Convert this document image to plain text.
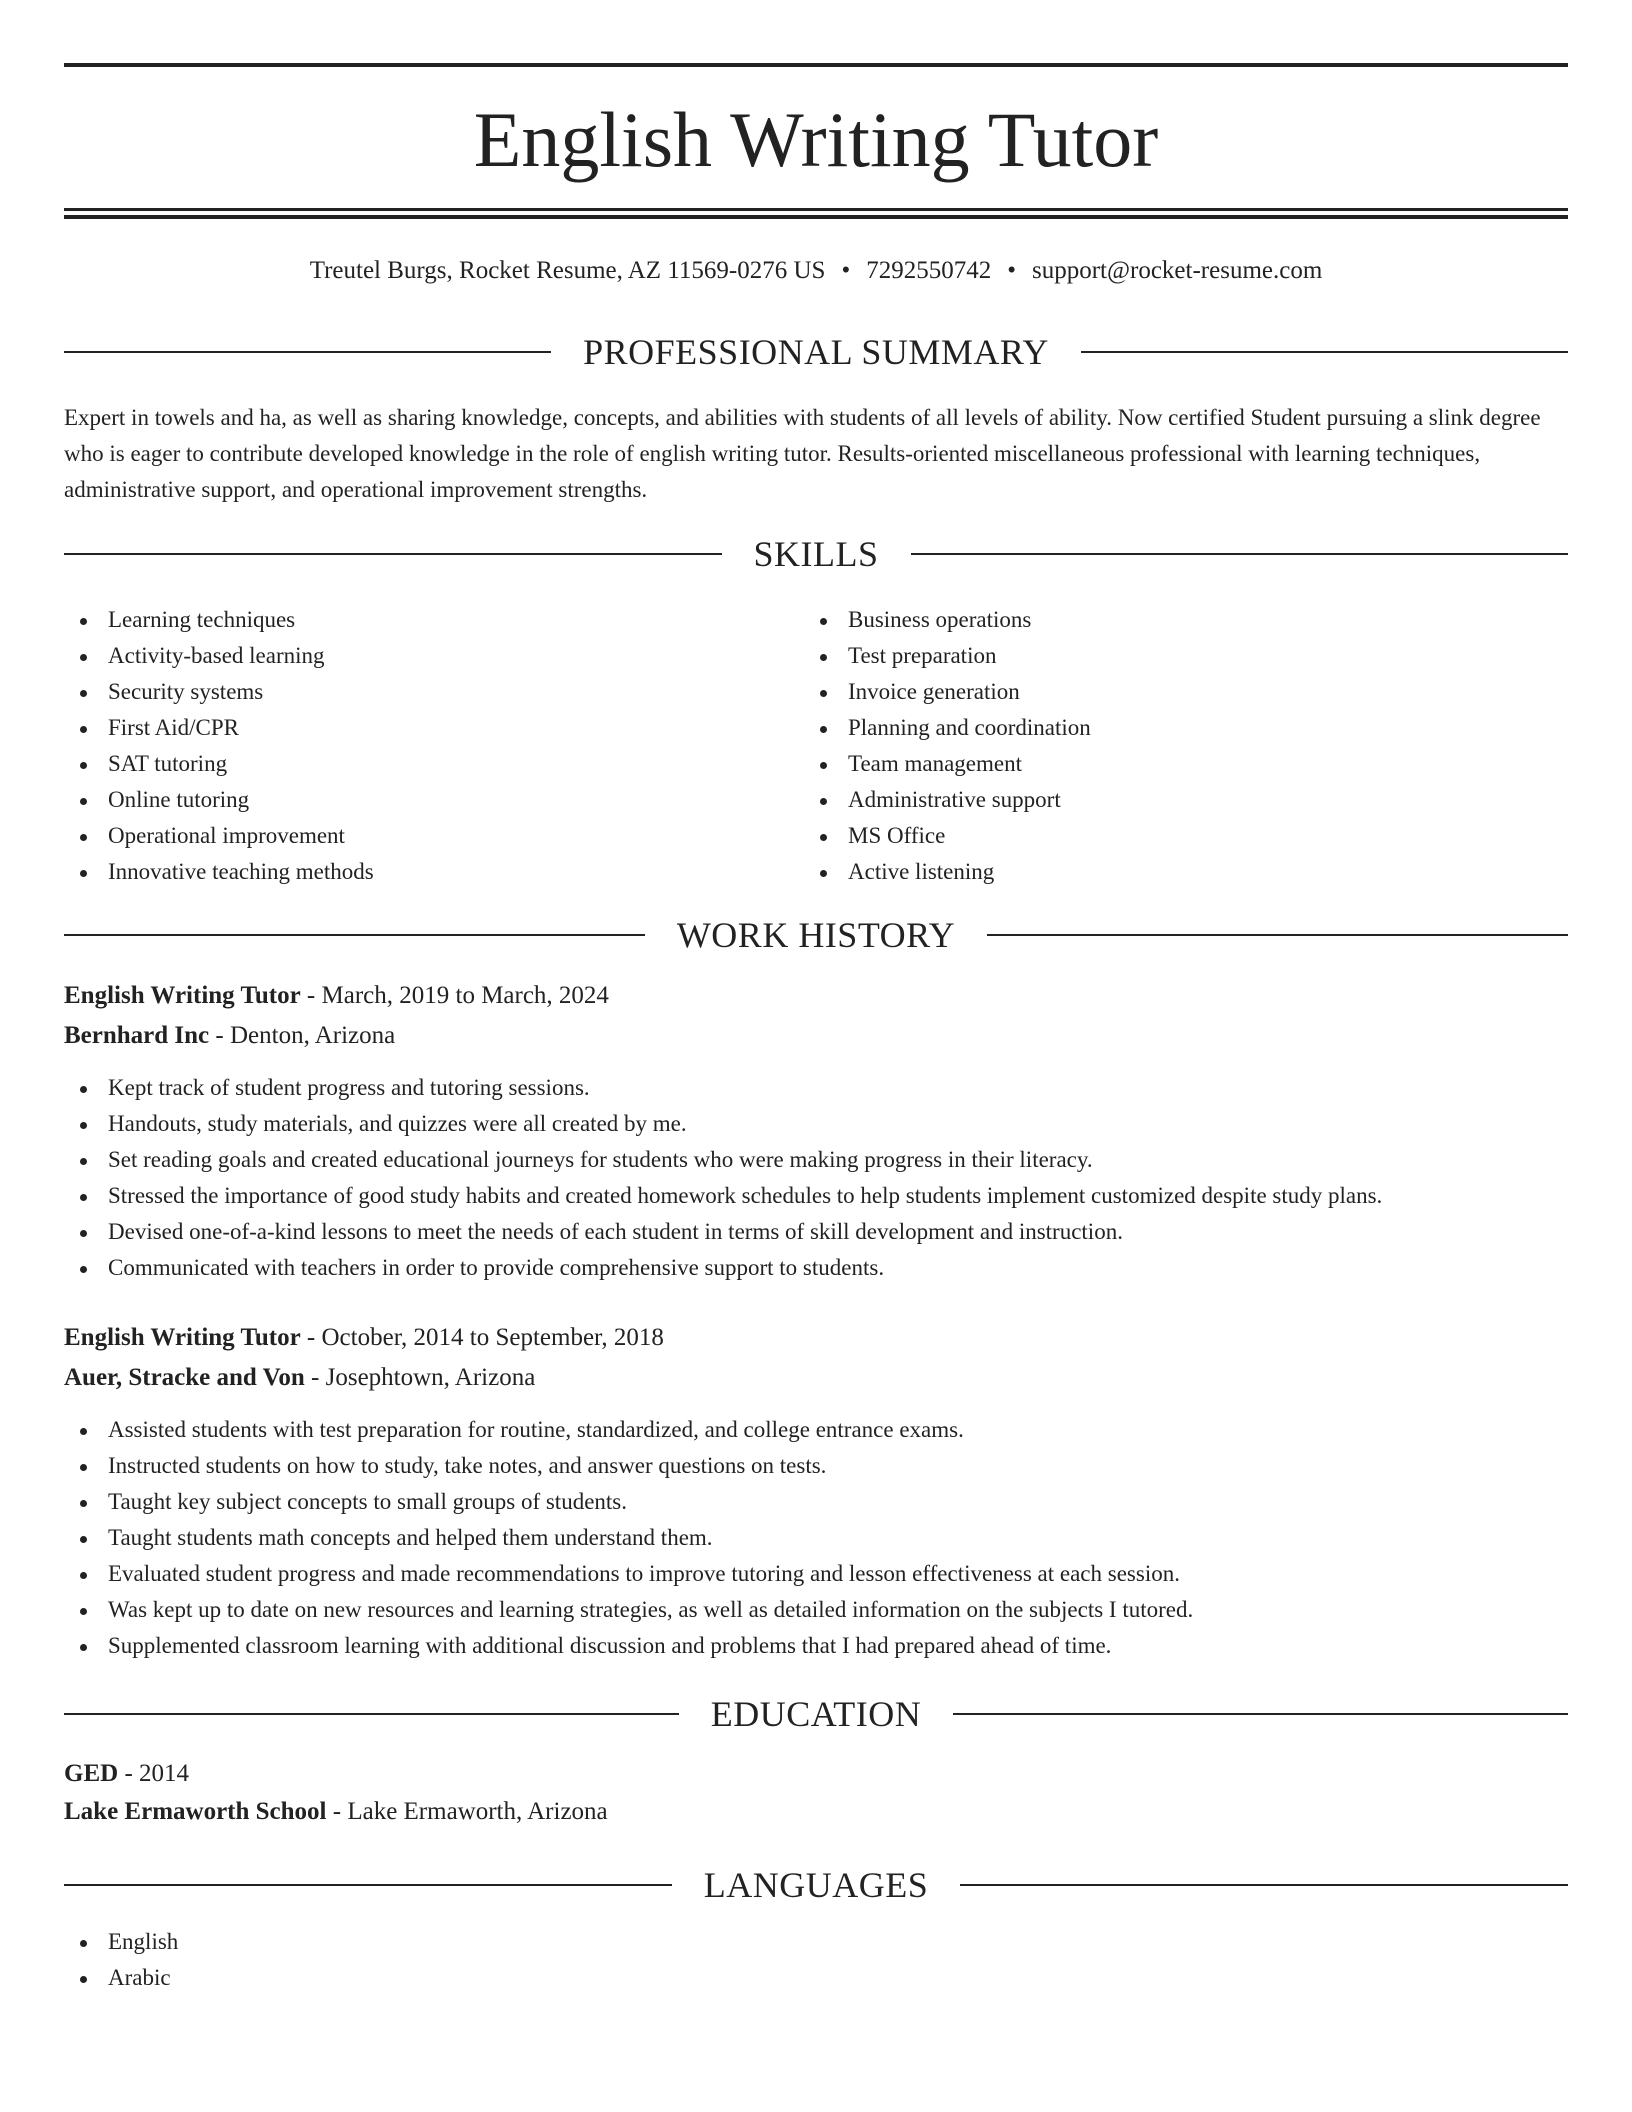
English Writing Tutor
Treutel Burgs, Rocket Resume, AZ 11569-0276 US • 7292550742 • support@rocket-resume.com
PROFESSIONAL SUMMARY

Expert in towels and ha, as well as sharing knowledge, concepts, and abilities with students of all levels of ability. Now certified Student pursuing a slink degree who is eager to contribute developed knowledge in the role of english writing tutor. Results-oriented miscellaneous professional with learning techniques, administrative support, and operational improvement strengths.

SKILLS
Learning techniques
Activity-based learning
Security systems
First Aid/CPR
SAT tutoring
Online tutoring
Operational improvement
Innovative teaching methods
Business operations
Test preparation
Invoice generation
Planning and coordination
Team management
Administrative support
MS Office
Active listening
WORK HISTORY
English Writing Tutor - March, 2019 to March, 2024
Bernhard Inc - Denton, Arizona
Kept track of student progress and tutoring sessions.
Handouts, study materials, and quizzes were all created by me.
Set reading goals and created educational journeys for students who were making progress in their literacy.
Stressed the importance of good study habits and created homework schedules to help students implement customized despite study plans.
Devised one-of-a-kind lessons to meet the needs of each student in terms of skill development and instruction.
Communicated with teachers in order to provide comprehensive support to students.
English Writing Tutor - October, 2014 to September, 2018
Auer, Stracke and Von - Josephtown, Arizona
Assisted students with test preparation for routine, standardized, and college entrance exams.
Instructed students on how to study, take notes, and answer questions on tests.
Taught key subject concepts to small groups of students.
Taught students math concepts and helped them understand them.
Evaluated student progress and made recommendations to improve tutoring and lesson effectiveness at each session.
Was kept up to date on new resources and learning strategies, as well as detailed information on the subjects I tutored.
Supplemented classroom learning with additional discussion and problems that I had prepared ahead of time.
EDUCATION
GED - 2014
Lake Ermaworth School - Lake Ermaworth, Arizona
LANGUAGES
English
Arabic
